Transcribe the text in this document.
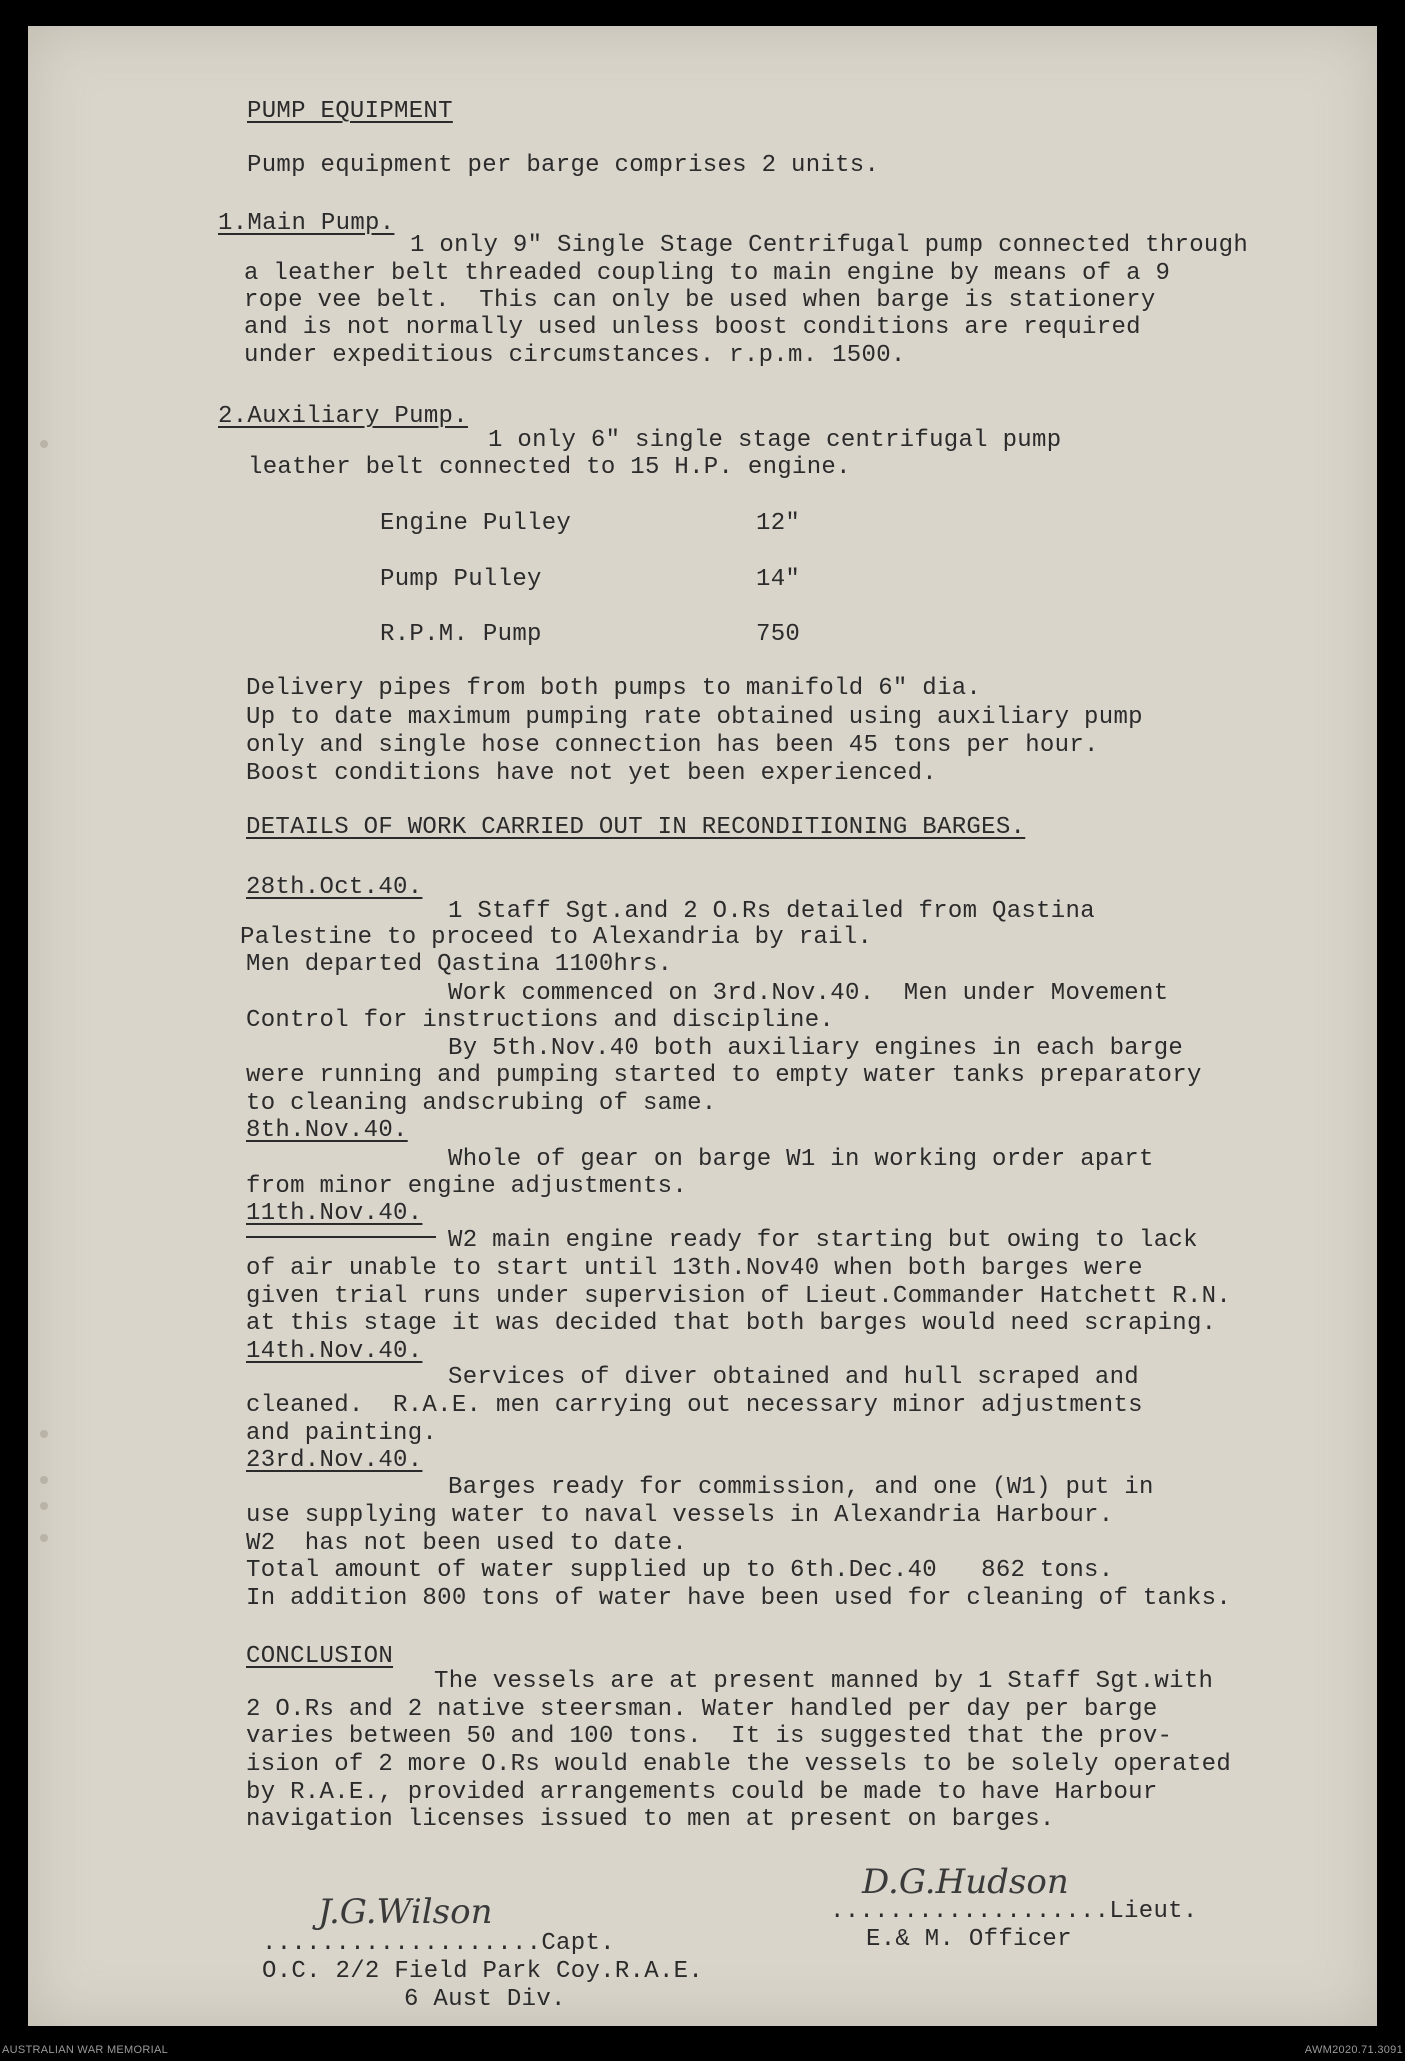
PUMP EQUIPMENT
Pump equipment per barge comprises 2 units.
1.Main Pump.
1 only 9" Single Stage Centrifugal pump connected through
a leather belt threaded coupling to main engine by means of a 9
rope vee belt.  This can only be used when barge is stationery
and is not normally used unless boost conditions are required
under expeditious circumstances. r.p.m. 1500.
2.Auxiliary Pump.
1 only 6" single stage centrifugal pump
leather belt connected to 15 H.P. engine.
Engine Pulley	12"
Pump Pulley	14"
R.P.M. Pump	750
Delivery pipes from both pumps to manifold 6" dia.
Up to date maximum pumping rate obtained using auxiliary pump
only and single hose connection has been 45 tons per hour.
Boost conditions have not yet been experienced.
DETAILS OF WORK CARRIED OUT IN RECONDITIONING BARGES.
28th.Oct.40.
1 Staff Sgt.and 2 O.Rs detailed from Qastina
Palestine to proceed to Alexandria by rail.
Men departed Qastina 1100hrs.
Work commenced on 3rd.Nov.40.  Men under Movement
Control for instructions and discipline.
By 5th.Nov.40 both auxiliary engines in each barge
were running and pumping started to empty water tanks preparatory
to cleaning andscrubing of same.
8th.Nov.40.
Whole of gear on barge W1 in working order apart
from minor engine adjustments.
11th.Nov.40.
W2 main engine ready for starting but owing to lack
of air unable to start until 13th.Nov40 when both barges were
given trial runs under supervision of Lieut.Commander Hatchett R.N.
at this stage it was decided that both barges would need scraping.
14th.Nov.40.
Services of diver obtained and hull scraped and
cleaned.  R.A.E. men carrying out necessary minor adjustments
and painting.
23rd.Nov.40.
Barges ready for commission, and one (W1) put in
use supplying water to naval vessels in Alexandria Harbour.
W2  has not been used to date.
Total amount of water supplied up to 6th.Dec.40   862 tons.
In addition 800 tons of water have been used for cleaning of tanks.
CONCLUSION
The vessels are at present manned by 1 Staff Sgt.with
2 O.Rs and 2 native steersman. Water handled per day per barge
varies between 50 and 100 tons.  It is suggested that the prov-
ision of 2 more O.Rs would enable the vessels to be solely operated
by R.A.E., provided arrangements could be made to have Harbour
navigation licenses issued to men at present on barges.
D.G.Hudson
...................Lieut.
E.& M. Officer
J.G.Wilson
...................Capt.
O.C. 2/2 Field Park Coy.R.A.E.
6 Aust Div.
AUSTRALIAN WAR MEMORIAL	AWM2020.71.3091
